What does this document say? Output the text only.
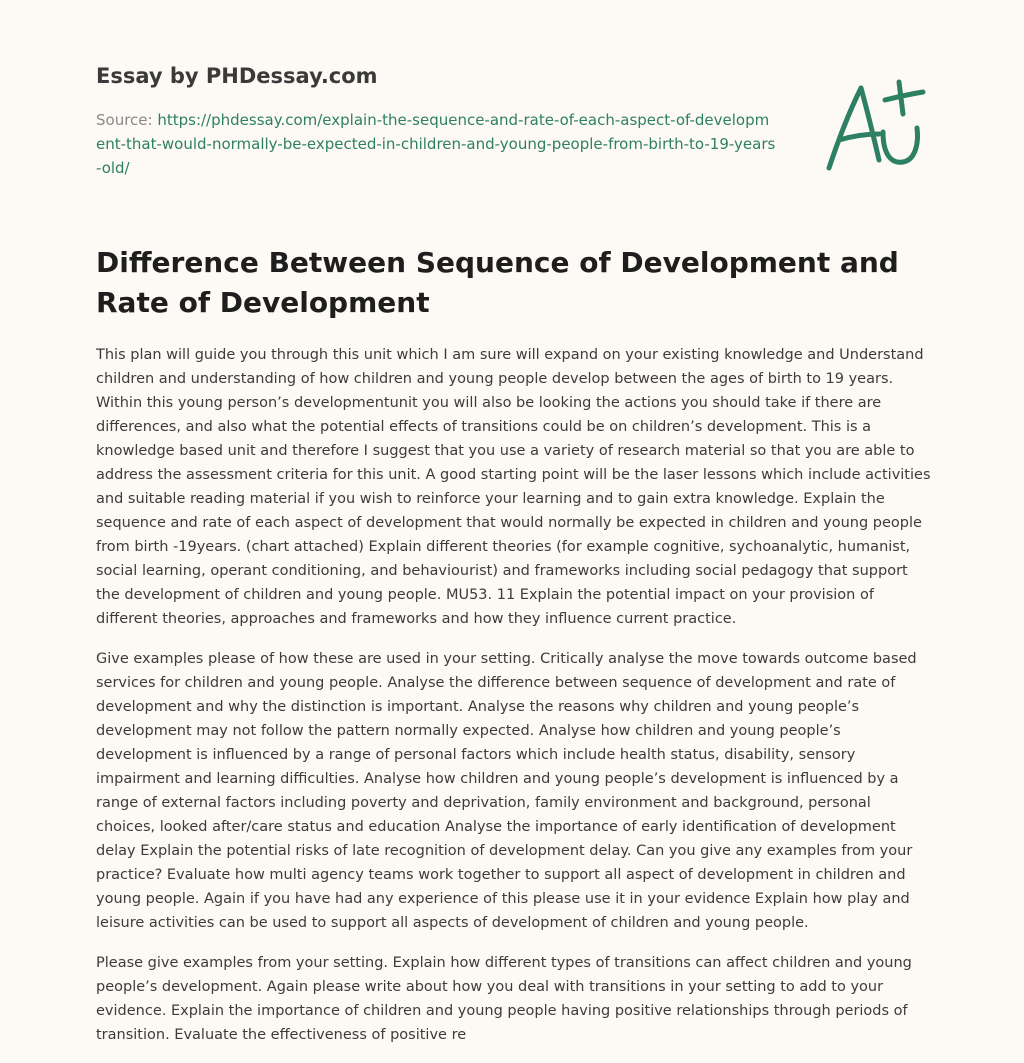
Essay by PHDessay.com

Source: https://phdessay.com/explain-the-sequence-and-rate-of-each-aspect-of-development-that-would-normally-be-expected-in-children-and-young-people-from-birth-to-19-years-old/

Difference Between Sequence of Development and Rate of Development

This plan will guide you through this unit which I am sure will expand on your existing knowledge and Understand children and understanding of how children and young people develop between the ages of birth to 19 years. Within this young person’s developmentunit you will also be looking the actions you should take if there are differences, and also what the potential effects of transitions could be on children’s development. This is a knowledge based unit and therefore I suggest that you use a variety of research material so that you are able to address the assessment criteria for this unit. A good starting point will be the laser lessons which include activities and suitable reading material if you wish to reinforce your learning and to gain extra knowledge. Explain the sequence and rate of each aspect of development that would normally be expected in children and young people from birth -19years. (chart attached) Explain different theories (for example cognitive, sychoanalytic, humanist, social learning, operant conditioning, and behaviourist) and frameworks including social pedagogy that support the development of children and young people. MU53. 11 Explain the potential impact on your provision of different theories, approaches and frameworks and how they influence current practice.

Give examples please of how these are used in your setting. Critically analyse the move towards outcome based services for children and young people. Analyse the difference between sequence of development and rate of development and why the distinction is important. Analyse the reasons why children and young people’s development may not follow the pattern normally expected. Analyse how children and young people’s development is influenced by a range of personal factors which include health status, disability, sensory impairment and learning difficulties. Analyse how children and young people’s development is influenced by a range of external factors including poverty and deprivation, family environment and background, personal choices, looked after/care status and education Analyse the importance of early identification of development delay Explain the potential risks of late recognition of development delay. Can you give any examples from your practice? Evaluate how multi agency teams work together to support all aspect of development in children and young people. Again if you have had any experience of this please use it in your evidence Explain how play and leisure activities can be used to support all aspects of development of children and young people.

Please give examples from your setting. Explain how different types of transitions can affect children and young people’s development. Again please write about how you deal with transitions in your setting to add to your evidence. Explain the importance of children and young people having positive relationships through periods of transition. Evaluate the effectiveness of positive re
